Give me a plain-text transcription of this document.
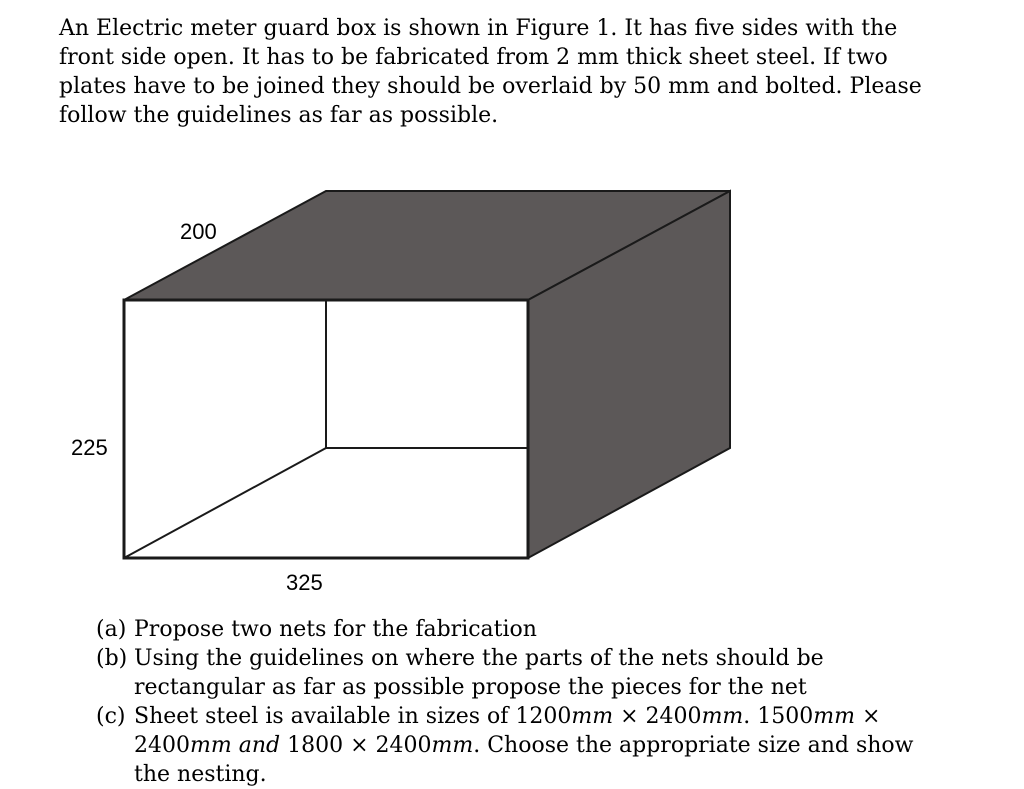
An Electric meter guard box is shown in Figure 1. It has five sides with the front side open. It has to be fabricated from 2 mm thick sheet steel. If two plates have to be joined they should be overlaid by 50 mm and bolted. Please follow the guidelines as far as possible.

200
225
325
(a) Propose two nets for the fabrication
(b) Using the guidelines on where the parts of the nets should be rectangular as far as possible propose the pieces for the net
(c) Sheet steel is available in sizes of 1200mm × 2400mm. 1500mm × 2400mm and 1800 × 2400mm. Choose the appropriate size and show the nesting.
